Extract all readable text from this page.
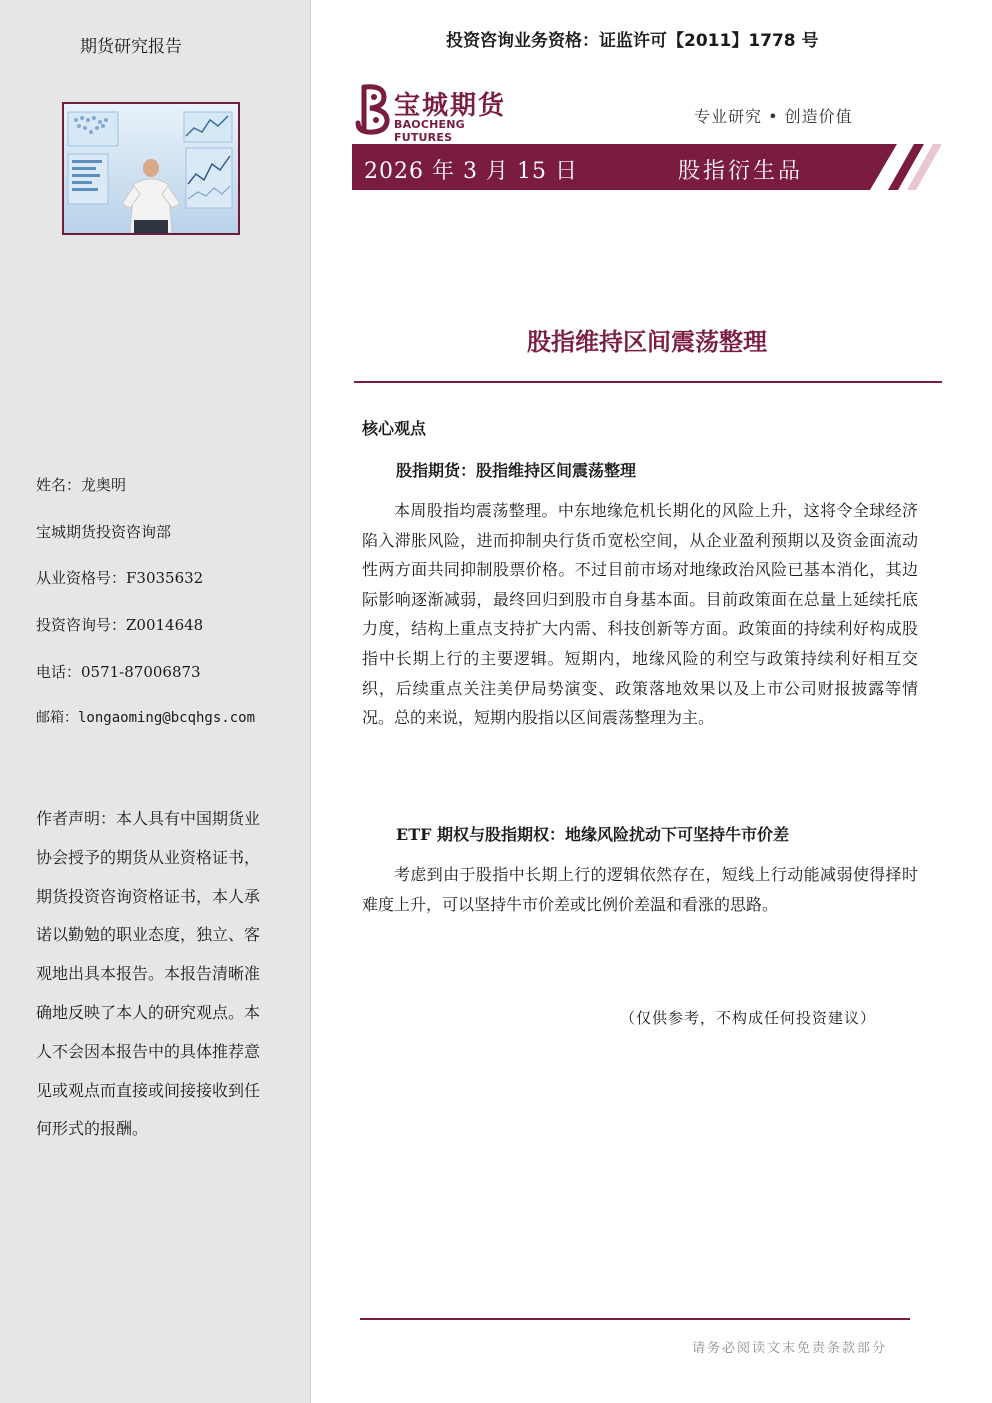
期货研究报告
姓名：龙奥明
宝城期货投资咨询部
从业资格号：F3035632
投资咨询号：Z0014648
电话：0571-87006873
邮箱：longaoming@bcqhgs.com
作者声明：本人具有中国期货业协会授予的期货从业资格证书，期货投资咨询资格证书，本人承诺以勤勉的职业态度，独立、客观地出具本报告。本报告清晰准确地反映了本人的研究观点。本人不会因本报告中的具体推荐意见或观点而直接或间接接收到任何形式的报酬。
投资咨询业务资格：证监许可【2011】1778 号
宝城期货
BAOCHENG FUTURES
专业研究 • 创造价值
2026 年 3 月 15 日	股指衍生品
股指维持区间震荡整理
核心观点
股指期货：股指维持区间震荡整理
本周股指均震荡整理。中东地缘危机长期化的风险上升，这将令全球经济陷入滞胀风险，进而抑制央行货币宽松空间，从企业盈利预期以及资金面流动性两方面共同抑制股票价格。不过目前市场对地缘政治风险已基本消化，其边际影响逐渐减弱，最终回归到股市自身基本面。目前政策面在总量上延续托底力度，结构上重点支持扩大内需、科技创新等方面。政策面的持续利好构成股指中长期上行的主要逻辑。短期内，地缘风险的利空与政策持续利好相互交织，后续重点关注美伊局势演变、政策落地效果以及上市公司财报披露等情况。总的来说，短期内股指以区间震荡整理为主。
ETF 期权与股指期权：地缘风险扰动下可坚持牛市价差
考虑到由于股指中长期上行的逻辑依然存在，短线上行动能减弱使得择时难度上升，可以坚持牛市价差或比例价差温和看涨的思路。
（仅供参考，不构成任何投资建议）
请务必阅读文末免责条款部分
